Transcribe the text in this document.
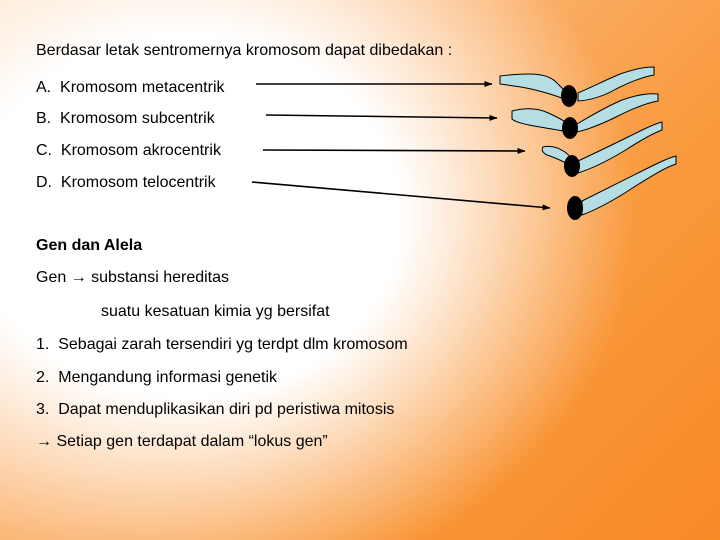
Berdasar letak sentromernya kromosom dapat dibedakan :
A. Kromosom metacentrik
B. Kromosom subcentrik
C. Kromosom akrocentrik
D. Kromosom telocentrik
Gen dan Alela
Gen → substansi hereditas
suatu kesatuan kimia yg bersifat
1. Sebagai zarah tersendiri yg terdpt dlm kromosom
2. Mengandung informasi genetik
3. Dapat menduplikasikan diri pd peristiwa mitosis
→ Setiap gen terdapat dalam “lokus gen”
